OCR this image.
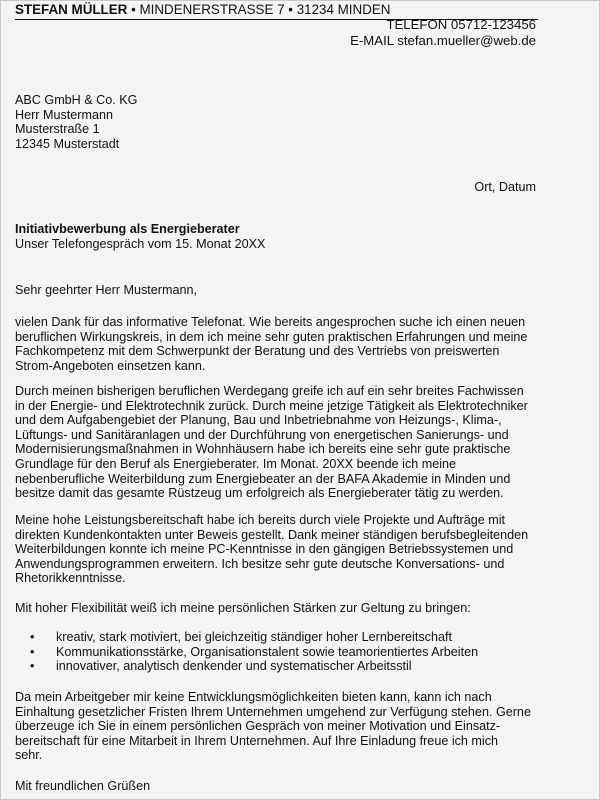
STEFAN MÜLLER • MINDENERSTRASSE 7 • 31234 MINDEN
TELEFON 05712-123456
E-MAIL stefan.mueller@web.de
ABC GmbH & Co. KG
Herr Mustermann
Musterstraße 1
12345 Musterstadt
Ort, Datum
Initiativbewerbung als Energieberater
Unser Telefongespräch vom 15. Monat 20XX
Sehr geehrter Herr Mustermann,
vielen Dank für das informative Telefonat. Wie bereits angesprochen suche ich einen neuen
beruflichen Wirkungskreis, in dem ich meine sehr guten praktischen Erfahrungen und meine
Fachkompetenz mit dem Schwerpunkt der Beratung und des Vertriebs von preiswerten
Strom-Angeboten einsetzen kann.
Durch meinen bisherigen beruflichen Werdegang greife ich auf ein sehr breites Fachwissen
in der Energie- und Elektrotechnik zurück. Durch meine jetzige Tätigkeit als Elektrotechniker
und dem Aufgabengebiet der Planung, Bau und Inbetriebnahme von Heizungs-, Klima-,
Lüftungs- und Sanitäranlagen und der Durchführung von energetischen Sanierungs- und
Modernisierungsmaßnahmen in Wohnhäusern habe ich bereits eine sehr gute praktische
Grundlage für den Beruf als Energieberater. Im Monat. 20XX beende ich meine
nebenberufliche Weiterbildung zum Energiebeater an der BAFA Akademie in Minden und
besitze damit das gesamte Rüstzeug um erfolgreich als Energieberater tätig zu werden.
Meine hohe Leistungsbereitschaft habe ich bereits durch viele Projekte und Aufträge mit
direkten Kundenkontakten unter Beweis gestellt. Dank meiner ständigen berufsbegleitenden
Weiterbildungen konnte ich meine PC-Kenntnisse in den gängigen Betriebssystemen und
Anwendungsprogrammen erweitern. Ich besitze sehr gute deutsche Konversations- und
Rhetorikkenntnisse.
Mit hoher Flexibilität weiß ich meine persönlichen Stärken zur Geltung zu bringen:
•	kreativ, stark motiviert, bei gleichzeitig ständiger hoher Lernbereitschaft
•	Kommunikationsstärke, Organisationstalent sowie teamorientiertes Arbeiten
•	innovativer, analytisch denkender und systematischer Arbeitsstil
Da mein Arbeitgeber mir keine Entwicklungsmöglichkeiten bieten kann, kann ich nach
Einhaltung gesetzlicher Fristen Ihrem Unternehmen umgehend zur Verfügung stehen. Gerne
überzeuge ich Sie in einem persönlichen Gespräch von meiner Motivation und Einsatz-
bereitschaft für eine Mitarbeit in Ihrem Unternehmen. Auf Ihre Einladung freue ich mich
sehr.
Mit freundlichen Grüßen
